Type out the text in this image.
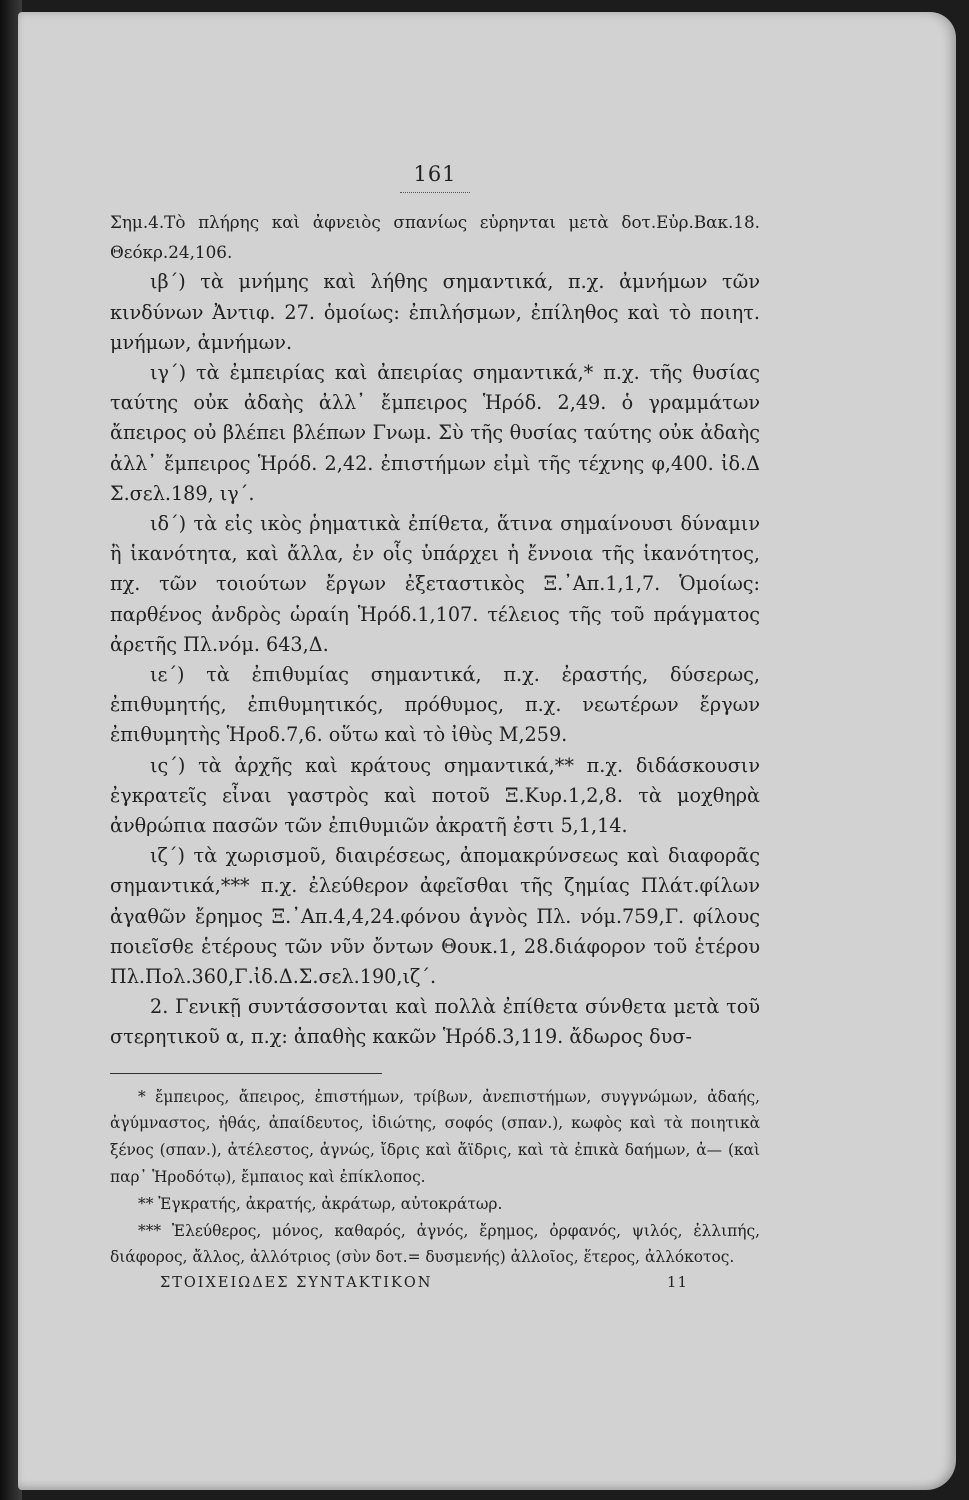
161

Σημ.4.Τὸ πλήρης καὶ ἀφνειὸς σπανίως εὑρηνται μετὰ δοτ.Εὐρ.Βακ.18. Θεόκρ.24,106.

ιβ´) τὰ μνήμης καὶ λήθης σημαντικά, π.χ. ἀμνήμων τῶν κινδύνων Ἀντιφ. 27. ὁμοίως: ἐπιλήσμων, ἐπίληθος καὶ τὸ ποιητ. μνήμων, ἀμνήμων.

ιγ´) τὰ ἐμπειρίας καὶ ἀπειρίας σημαντικά,* π.χ. τῆς θυσίας ταύτης οὐκ ἀδαὴς ἀλλ᾿ ἔμπειρος Ἡρόδ. 2,49. ὁ γραμμάτων ἄπειρος οὐ βλέπει βλέπων Γνωμ. Σὺ τῆς θυσίας ταύτης οὐκ ἀδαὴς ἀλλ᾿ ἔμπειρος Ἡρόδ. 2,42. ἐπιστήμων εἰμὶ τῆς τέχνης φ,400. ἰδ.Δ Σ.σελ.189, ιγ´.

ιδ´) τὰ εἰς ικὸς ῥηματικὰ ἐπίθετα, ἅτινα σημαίνουσι δύναμιν ἢ ἱκανότητα, καὶ ἄλλα, ἐν οἷς ὑπάρχει ἡ ἔννοια τῆς ἱκανότητος, πχ. τῶν τοιούτων ἔργων ἐξεταστικὸς Ξ.᾿Απ.1,1,7. Ὁμοίως: παρθένος ἀνδρὸς ὡραίη Ἡρόδ.1,107. τέλειος τῆς τοῦ πράγματος ἀρετῆς Πλ.νόμ. 643,Δ.

ιε´) τὰ ἐπιθυμίας σημαντικά, π.χ. ἐραστής, δύσερως, ἐπιθυμητής, ἐπιθυμητικός, πρόθυμος, π.χ. νεωτέρων ἔργων ἐπιθυμητὴς Ἡροδ.7,6. οὕτω καὶ τὸ ἰθὺς Μ,259.

ις´) τὰ ἀρχῆς καὶ κράτους σημαντικά,** π.χ. διδάσκουσιν ἐγκρατεῖς εἶναι γαστρὸς καὶ ποτοῦ Ξ.Κυρ.1,2,8. τὰ μοχθηρὰ ἀνθρώπια πασῶν τῶν ἐπιθυμιῶν ἀκρατῆ ἐστι 5,1,14.

ιζ´) τὰ χωρισμοῦ, διαιρέσεως, ἀπομακρύνσεως καὶ διαφορᾶς σημαντικά,*** π.χ. ἐλεύθερον ἀφεῖσθαι τῆς ζημίας Πλάτ.φίλων ἀγαθῶν ἔρημος Ξ.᾿Απ.4,4,24.φόνου ἁγνὸς Πλ. νόμ.759,Γ. φίλους ποιεῖσθε ἑτέρους τῶν νῦν ὄντων Θουκ.1, 28.διάφορον τοῦ ἑτέρου Πλ.Πολ.360,Γ.ἰδ.Δ.Σ.σελ.190,ιζ´.

2. Γενικῇ συντάσσονται καὶ πολλὰ ἐπίθετα σύνθετα μετὰ τοῦ στερητικοῦ α, π.χ: ἀπαθὴς κακῶν Ἡρόδ.3,119. ἄδωρος δυσ-

* ἔμπειρος, ἄπειρος, ἐπιστήμων, τρίβων, ἀνεπιστήμων, συγγνώμων, ἀδαής, ἀγύμναστος, ἠθάς, ἀπαίδευτος, ἰδιώτης, σοφός (σπαν.), κωφὸς καὶ τὰ ποιητικὰ ξένος (σπαν.), ἀτέλεστος, ἀγνώς, ἴδρις καὶ ἄϊδρις, καὶ τὰ ἐπικὰ δαήμων, ἀ— (καὶ παρ᾿ Ἡροδότῳ), ἔμπαιος καὶ ἐπίκλοπος.

** Ἐγκρατής, ἀκρατής, ἀκράτωρ, αὐτοκράτωρ.

*** Ἐλεύθερος, μόνος, καθαρός, ἁγνός, ἔρημος, ὀρφανός, ψιλός, ἐλλιπής, διάφορος, ἄλλος, ἀλλότριος (σὺν δοτ.= δυσμενής) ἀλλοῖος, ἕτερος, ἀλλόκοτος.

ΣΤΟΙΧΕΙΩΔΕΣ ΣΥΝΤΑΚΤΙΚΟΝ	11
